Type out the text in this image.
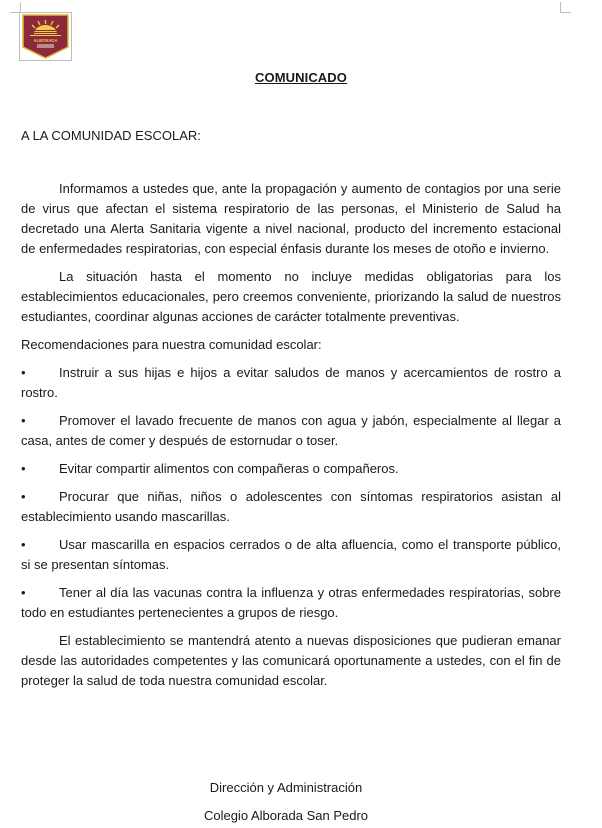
ALBORADA
COMUNICADO
A LA COMUNIDAD ESCOLAR:

Informamos a ustedes que, ante la propagación y aumento de contagios por una serie de virus que afectan el sistema respiratorio de las personas, el Ministerio de Salud ha decretado una Alerta Sanitaria vigente a nivel nacional, producto del incremento estacional de enfermedades respiratorias, con especial énfasis durante los meses de otoño e invierno.

La situación hasta el momento no incluye medidas obligatorias para los establecimientos educacionales, pero creemos conveniente, priorizando la salud de nuestros estudiantes, coordinar algunas acciones de carácter totalmente preventivas.

Recomendaciones para nuestra comunidad escolar:

•	Instruir a sus hijas e hijos a evitar saludos de manos y acercamientos de rostro a rostro.

•	Promover el lavado frecuente de manos con agua y jabón, especialmente al llegar a casa, antes de comer y después de estornudar o toser.

•	Evitar compartir alimentos con compañeras o compañeros.

•	Procurar que niñas, niños o adolescentes con síntomas respiratorios asistan al establecimiento usando mascarillas.

•	Usar mascarilla en espacios cerrados o de alta afluencia, como el transporte público, si se presentan síntomas.

•	Tener al día las vacunas contra la influenza y otras enfermedades respiratorias, sobre todo en estudiantes pertenecientes a grupos de riesgo.

El establecimiento se mantendrá atento a nuevas disposiciones que pudieran emanar desde las autoridades competentes y las comunicará oportunamente a ustedes, con el fin de proteger la salud de toda nuestra comunidad escolar.

Dirección y Administración
Colegio Alborada San Pedro
